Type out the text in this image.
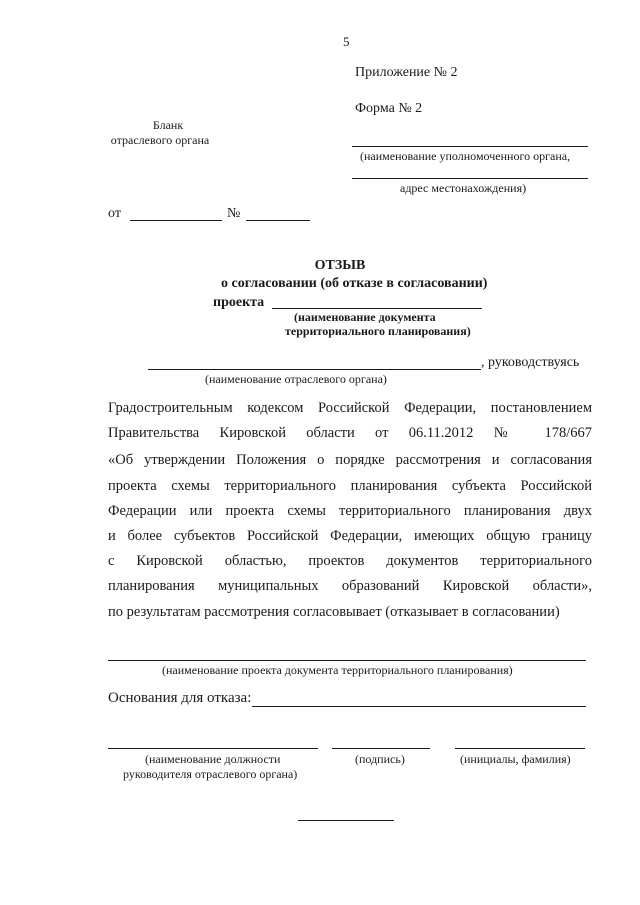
5
Приложение № 2
Форма № 2
Бланк
отраслевого органа
(наименование уполномоченного органа,
адрес местонахождения)
от	№
ОТЗЫВ
о согласовании (об отказе в согласовании)
проекта
(наименование документа
территориального планирования)
, руководствуясь
(наименование отраслевого органа)
Градостроительным кодексом Российской Федерации, постановлением
Правительства Кировской области от 06.11.2012 № 178/667
«Об утверждении Положения о порядке рассмотрения и согласования
проекта схемы территориального планирования субъекта Российской
Федерации или проекта схемы территориального планирования двух
и более субъектов Российской Федерации, имеющих общую границу
с Кировской областью, проектов документов территориального
планирования муниципальных образований Кировской области»,
по результатам рассмотрения согласовывает (отказывает в согласовании)
(наименование проекта документа территориального планирования)
Основания для отказа:
(наименование должности
руководителя отраслевого органа)
(подпись)	(инициалы, фамилия)
